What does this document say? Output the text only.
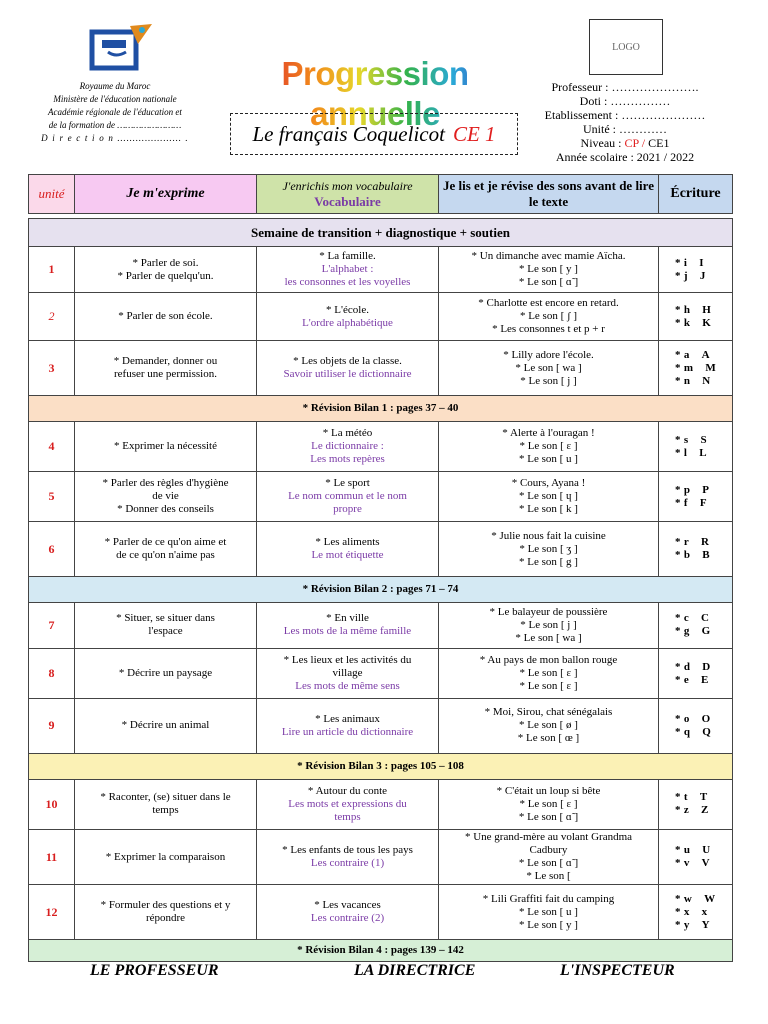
Royaume du Maroc
Ministère de l'éducation nationale
Académie régionale de l'éducation et
de la formation de ……………………
D i r e c t i o n ………………… .
Progression annuelle
Le français Coquelicot CE 1
LOGO
Professeur : ………………….
Doti : ……………
Etablissement : …………………
Unité : …………
Niveau : CP / CE1
Année scolaire : 2021 / 2022
unité	Je m'exprime	J'enrichis mon vocabulaire
Vocabulaire	Je lis et je révise des sons avant de lire le texte	Écriture

Semaine de transition + diagnostique + soutien				
1	* Parler de soi.
* Parler de quelqu'un.	* La famille.
L'alphabet :
les consonnes et les voyelles	* Un dimanche avec mamie Aïcha.
* Le son [ y ]
* Le son [ ɑ̃ ]	* i I
* j J

2	* Parler de son école.	* L'école.
L'ordre alphabétique	* Charlotte est encore en retard.
* Le son [ ʃ ]
* Les consonnes t et p + r	* h H
* k K

3	* Demander, donner ou
refuser une permission.	* Les objets de la classe.
Savoir utiliser le dictionnaire	* Lilly adore l'école.
* Le son [ wa ]
* Le son [ j ]	* a A
* m M
* n N

* Révision Bilan 1 : pages 37 – 40				
4	* Exprimer la nécessité	* La météo
Le dictionnaire :
Les mots repères	* Alerte à l'ouragan !
* Le son [ ɛ ]
* Le son [ u ]	* s S
* l L

5	* Parler des règles d'hygiène
de vie
* Donner des conseils	* Le sport
Le nom commun et le nom
propre	* Cours, Ayana !
* Le son [ ɥ ]
* Le son [ k ]	* p P
* f F

6	* Parler de ce qu'on aime et
de ce qu'on n'aime pas	* Les aliments
Le mot étiquette	* Julie nous fait la cuisine
* Le son [ ʒ ]
* Le son [ g ]	* r R
* b B

* Révision Bilan 2 : pages 71 – 74				
7	* Situer, se situer dans
l'espace	* En ville
Les mots de la même famille	* Le balayeur de poussière
* Le son [ j ]
* Le son [ wa ]	* c C
* g G

8	* Décrire un paysage	* Les lieux et les activités du
village
Les mots de même sens	* Au pays de mon ballon rouge
* Le son [ ɛ ]
* Le son [ ɛ ]	* d D
* e E

9	* Décrire un animal	* Les animaux
Lire un article du dictionnaire	* Moi, Sirou, chat sénégalais
* Le son [ ø ]
* Le son [ œ ]	* o O
* q Q

* Révision Bilan 3 : pages 105 – 108				
10	* Raconter, (se) situer dans le
temps	* Autour du conte
Les mots et expressions du
temps	* C'était un loup si bête
* Le son [ ɛ ]
* Le son [ ɑ̃ ]	* t T
* z Z

11	* Exprimer la comparaison	* Les enfants de tous les pays
Les contraire (1)	* Une grand-mère au volant Grandma
Cadbury
* Le son [ ɑ̃ ]
* Le son [	* u U
* v V

12	* Formuler des questions et y
répondre	* Les vacances
Les contraire (2)	* Lili Graffiti fait du camping
* Le son [ u ]
* Le son [ y ]	* w W
* x x
* y Y

* Révision Bilan 4 : pages 139 – 142				
LE PROFESSEUR	LA DIRECTRICE	L'INSPECTEUR
